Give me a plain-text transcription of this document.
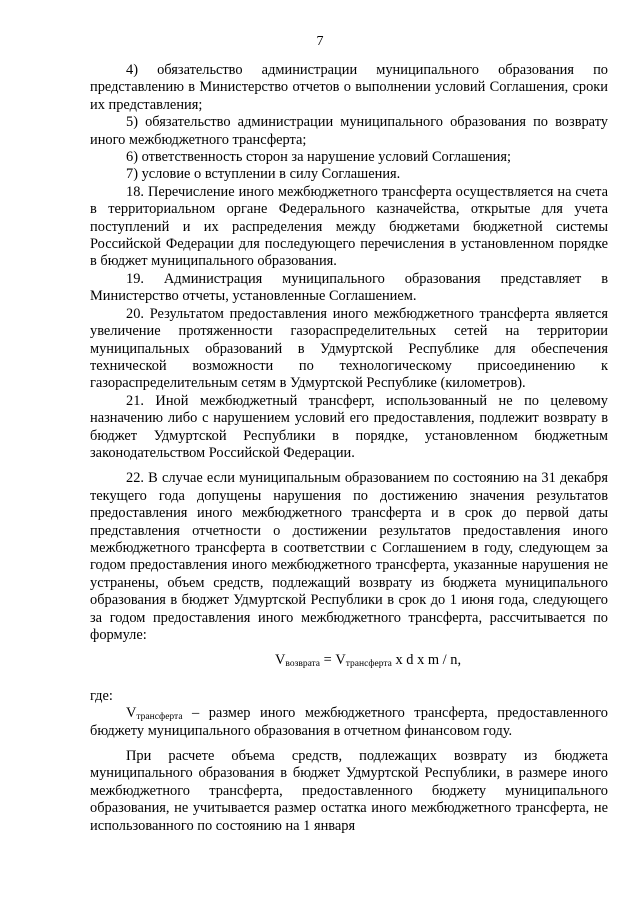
7

4) обязательство администрации муниципального образования по представлению в Министерство отчетов о выполнении условий Соглашения, сроки их представления;

5) обязательство администрации муниципального образования по возврату иного межбюджетного трансферта;

6) ответственность сторон за нарушение условий Соглашения;

7) условие о вступлении в силу Соглашения.

18. Перечисление иного межбюджетного трансферта осуществляется на счета в территориальном органе Федерального казначейства, открытые для учета поступлений и их распределения между бюджетами бюджетной системы Российской Федерации для последующего перечисления в установленном порядке в бюджет муниципального образования.

19. Администрация муниципального образования представляет в Министерство отчеты, установленные Соглашением.

20. Результатом предоставления иного межбюджетного трансферта является увеличение протяженности газораспределительных сетей на территории муниципальных образований в Удмуртской Республике для обеспечения технической возможности по технологическому присоединению к газораспределительным сетям в Удмуртской Республике (километров).

21. Иной межбюджетный трансферт, использованный не по целевому назначению либо с нарушением условий его предоставления, подлежит возврату в бюджет Удмуртской Республики в порядке, установленном бюджетным законодательством Российской Федерации.

22. В случае если муниципальным образованием по состоянию на 31 декабря текущего года допущены нарушения по достижению значения результатов предоставления иного межбюджетного трансферта и в срок до первой даты представления отчетности о достижении результатов предоставления иного межбюджетного трансферта в соответствии с Соглашением в году, следующем за годом предоставления иного межбюджетного трансферта, указанные нарушения не устранены, объем средств, подлежащий возврату из бюджета муниципального образования в бюджет Удмуртской Республики в срок до 1 июня года, следующего за годом предоставления иного межбюджетного трансферта, рассчитывается по формуле:

$V_{возврата} = V_{трансферта}$ x d x m / n,

где:

$V_{трансферта}$ – размер иного межбюджетного трансферта, предоставленного бюджету муниципального образования в отчетном финансовом году.

При расчете объема средств, подлежащих возврату из бюджета муниципального образования в бюджет Удмуртской Республики, в размере иного межбюджетного трансферта, предоставленного бюджету муниципального образования, не учитывается размер остатка иного межбюджетного трансферта, не использованного по состоянию на 1 января
